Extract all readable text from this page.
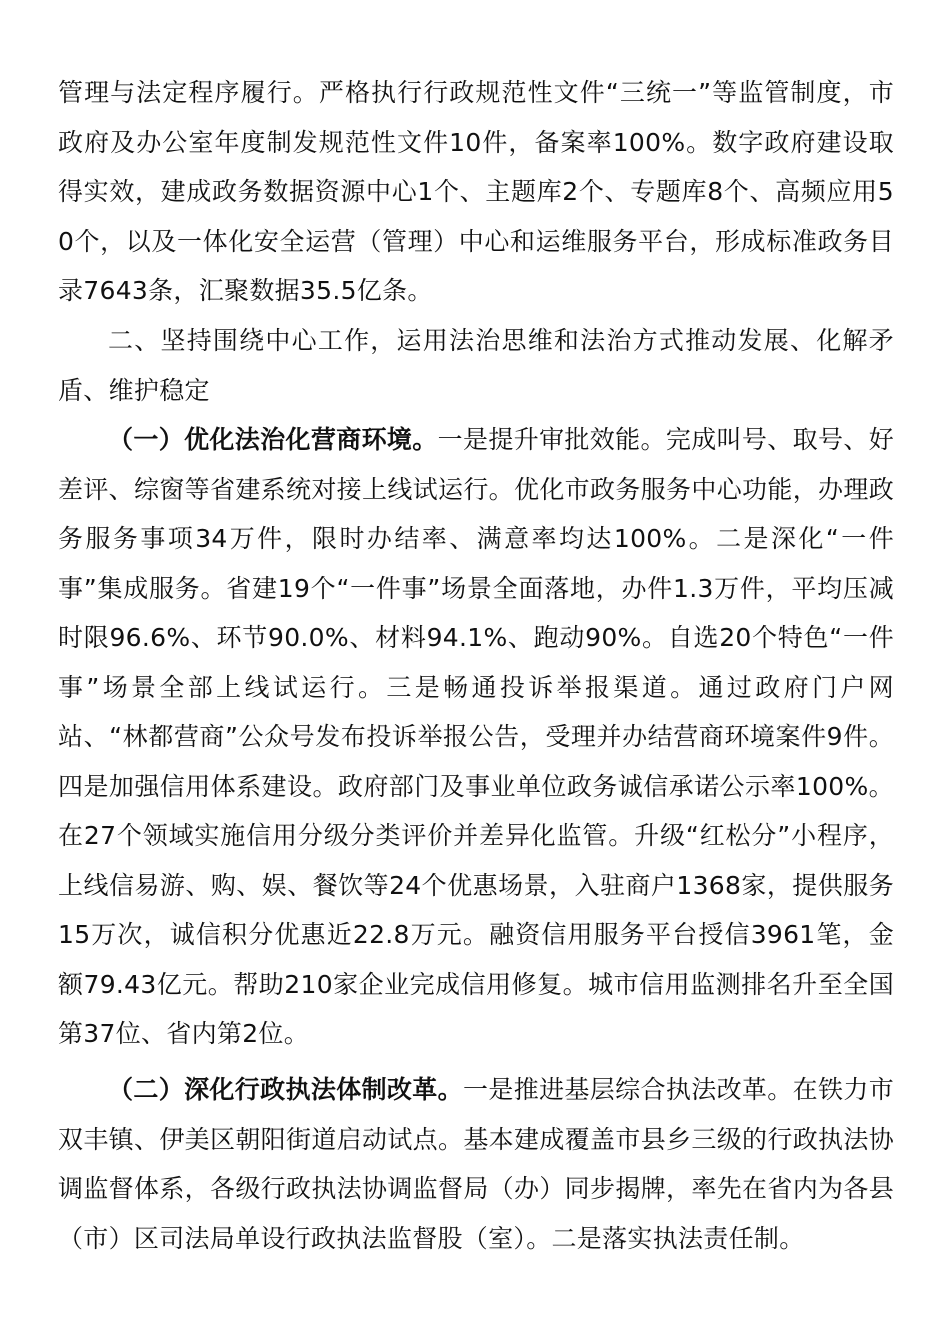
管理与法定程序履行。严格执行行政规范性文件“三统一”等监管制度，市政府及办公室年度制发规范性文件10件，备案率100%。数字政府建设取得实效，建成政务数据资源中心1个、主题库2个、专题库8个、高频应用50个，以及一体化安全运营（管理）中心和运维服务平台，形成标准政务目录7643条，汇聚数据35.5亿条。

二、坚持围绕中心工作，运用法治思维和法治方式推动发展、化解矛盾、维护稳定

（一）优化法治化营商环境。一是提升审批效能。完成叫号、取号、好差评、综窗等省建系统对接上线试运行。优化市政务服务中心功能，办理政务服务事项34万件，限时办结率、满意率均达100%。二是深化“一件事”集成服务。省建19个“一件事”场景全面落地，办件1.3万件，平均压减时限96.6%、环节90.0%、材料94.1%、跑动90%。自选20个特色“一件事”场景全部上线试运行。三是畅通投诉举报渠道。通过政府门户网站、“林都营商”公众号发布投诉举报公告，受理并办结营商环境案件9件。四是加强信用体系建设。政府部门及事业单位政务诚信承诺公示率100%。在27个领域实施信用分级分类评价并差异化监管。升级“红松分”小程序，上线信易游、购、娱、餐饮等24个优惠场景，入驻商户1368家，提供服务15万次，诚信积分优惠近22.8万元。融资信用服务平台授信3961笔，金额79.43亿元。帮助210家企业完成信用修复。城市信用监测排名升至全国第37位、省内第2位。

（二）深化行政执法体制改革。一是推进基层综合执法改革。在铁力市双丰镇、伊美区朝阳街道启动试点。基本建成覆盖市县乡三级的行政执法协调监督体系，各级行政执法协调监督局（办）同步揭牌，率先在省内为各县（市）区司法局单设行政执法监督股（室）。二是落实执法责任制。
